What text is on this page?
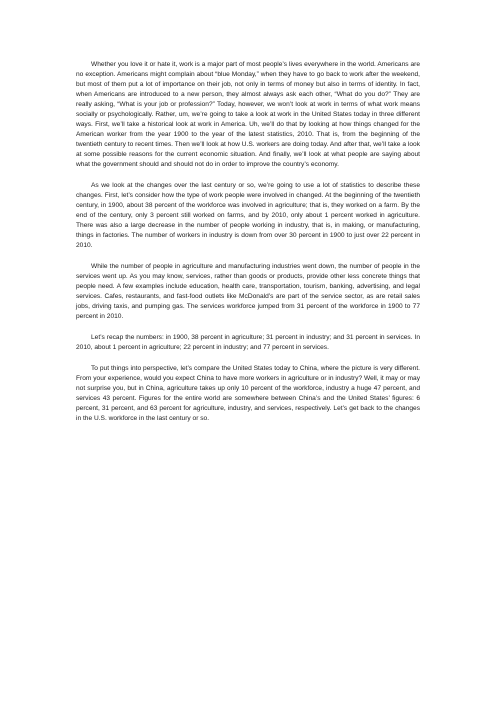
Whether you love it or hate it, work is a major part of most people’s lives everywhere in the world. Americans are no exception. Americans might complain about “blue Monday,” when they have to go back to work after the weekend, but most of them put a lot of importance on their job, not only in terms of money but also in terms of identity. In fact, when Americans are introduced to a new person, they almost always ask each other, “What do you do?” They are really asking, “What is your job or profession?” Today, however, we won’t look at work in terms of what work means socially or psychologically. Rather, um, we’re going to take a look at work in the United States today in three different ways. First, we’ll take a historical look at work in America. Uh, we’ll do that by looking at how things changed for the American worker from the year 1900 to the year of the latest statistics, 2010. That is, from the beginning of the twentieth century to recent times. Then we’ll look at how U.S. workers are doing today. And after that, we’ll take a look at some possible reasons for the current economic situation. And finally, we’ll look at what people are saying about what the government should and should not do in order to improve the country’s economy.

As we look at the changes over the last century or so, we’re going to use a lot of statistics to describe these changes. First, let’s consider how the type of work people were involved in changed. At the beginning of the twentieth century, in 1900, about 38 percent of the workforce was involved in agriculture; that is, they worked on a farm. By the end of the century, only 3 percent still worked on farms, and by 2010, only about 1 percent worked in agriculture. There was also a large decrease in the number of people working in industry, that is, in making, or manufacturing, things in factories. The number of workers in industry is down from over 30 percent in 1900 to just over 22 percent in 2010.

While the number of people in agriculture and manufacturing industries went down, the number of people in the services went up. As you may know, services, rather than goods or products, provide other less concrete things that people need. A few examples include education, health care, transportation, tourism, banking, advertising, and legal services. Cafes, restaurants, and fast-food outlets like McDonald’s are part of the service sector, as are retail sales jobs, driving taxis, and pumping gas. The services workforce jumped from 31 percent of the workforce in 1900 to 77 percent in 2010.

Let’s recap the numbers: in 1900, 38 percent in agriculture; 31 percent in industry; and 31 percent in services. In 2010, about 1 percent in agriculture; 22 percent in industry; and 77 percent in services.

To put things into perspective, let’s compare the United States today to China, where the picture is very different. From your experience, would you expect China to have more workers in agriculture or in industry? Well, it may or may not surprise you, but in China, agriculture takes up only 10 percent of the workforce, industry a huge 47 percent, and services 43 percent. Figures for the entire world are somewhere between China’s and the United States’ figures: 6 percent, 31 percent, and 63 percent for agriculture, industry, and services, respectively. Let’s get back to the changes in the U.S. workforce in the last century or so.
